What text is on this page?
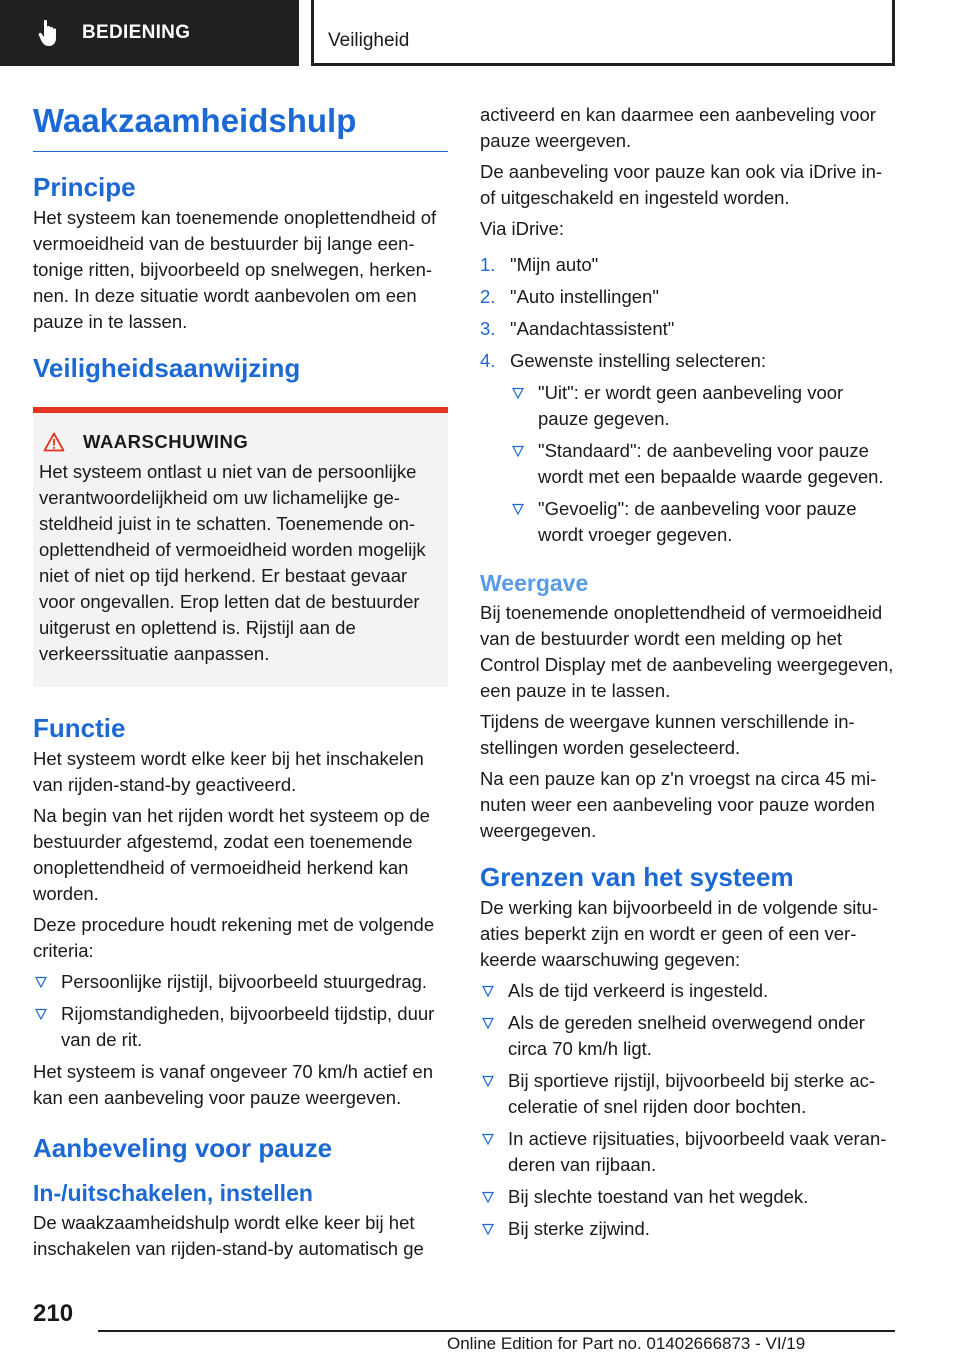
BEDIENING	Veiligheid
Waakzaamheidshulp
Principe

Het systeem kan toenemende onoplettendheid of vermoeidheid van de bestuurder bij lange eentonige ritten, bijvoorbeeld op snelwegen, herkennen. In deze situatie wordt aanbevolen om een pauze in te lassen.

Veiligheidsaanwijzing
WAARSCHUWING

Het systeem ontlast u niet van de persoonlijke verantwoordelijkheid om uw lichamelijke gesteldheid juist in te schatten. Toenemende onoplettendheid of vermoeidheid worden mogelijk niet of niet op tijd herkend. Er bestaat gevaar voor ongevallen. Erop letten dat de bestuurder uitgerust en oplettend is. Rijstijl aan de verkeerssituatie aanpassen.

Functie

Het systeem wordt elke keer bij het inschakelen van rijden-stand-by geactiveerd.

Na begin van het rijden wordt het systeem op de bestuurder afgestemd, zodat een toenemende onoplettendheid of vermoeidheid herkend kan worden.

Deze procedure houdt rekening met de volgende criteria:

Persoonlijke rijstijl, bijvoorbeeld stuurgedrag.
Rijomstandigheden, bijvoorbeeld tijdstip, duur van de rit.

Het systeem is vanaf ongeveer 70 km/h actief en kan een aanbeveling voor pauze weergeven.

Aanbeveling voor pauze
In-/uitschakelen, instellen

De waakzaamheidshulp wordt elke keer bij het inschakelen van rijden-stand-by automatisch ge

activeerd en kan daarmee een aanbeveling voor pauze weergeven.

De aanbeveling voor pauze kan ook via iDrive in- of uitgeschakeld en ingesteld worden.

Via iDrive:

1. "Mijn auto"
2. "Auto instellingen"
3. "Aandachtassistent"
4. Gewenste instelling selecteren:
"Uit": er wordt geen aanbeveling voor pauze gegeven.
"Standaard": de aanbeveling voor pauze wordt met een bepaalde waarde gegeven.
"Gevoelig": de aanbeveling voor pauze wordt vroeger gegeven.
Weergave

Bij toenemende onoplettendheid of vermoeidheid van de bestuurder wordt een melding op het Control Display met de aanbeveling weergegeven, een pauze in te lassen.

Tijdens de weergave kunnen verschillende instellingen worden geselecteerd.

Na een pauze kan op z'n vroegst na circa 45 minuten weer een aanbeveling voor pauze worden weergegeven.

Grenzen van het systeem

De werking kan bijvoorbeeld in de volgende situaties beperkt zijn en wordt er geen of een verkeerde waarschuwing gegeven:

Als de tijd verkeerd is ingesteld.
Als de gereden snelheid overwegend onder circa 70 km/h ligt.
Bij sportieve rijstijl, bijvoorbeeld bij sterke acceleratie of snel rijden door bochten.
In actieve rijsituaties, bijvoorbeeld vaak veranderen van rijbaan.
Bij slechte toestand van het wegdek.
Bij sterke zijwind.
210
Online Edition for Part no. 01402666873 - VI/19
